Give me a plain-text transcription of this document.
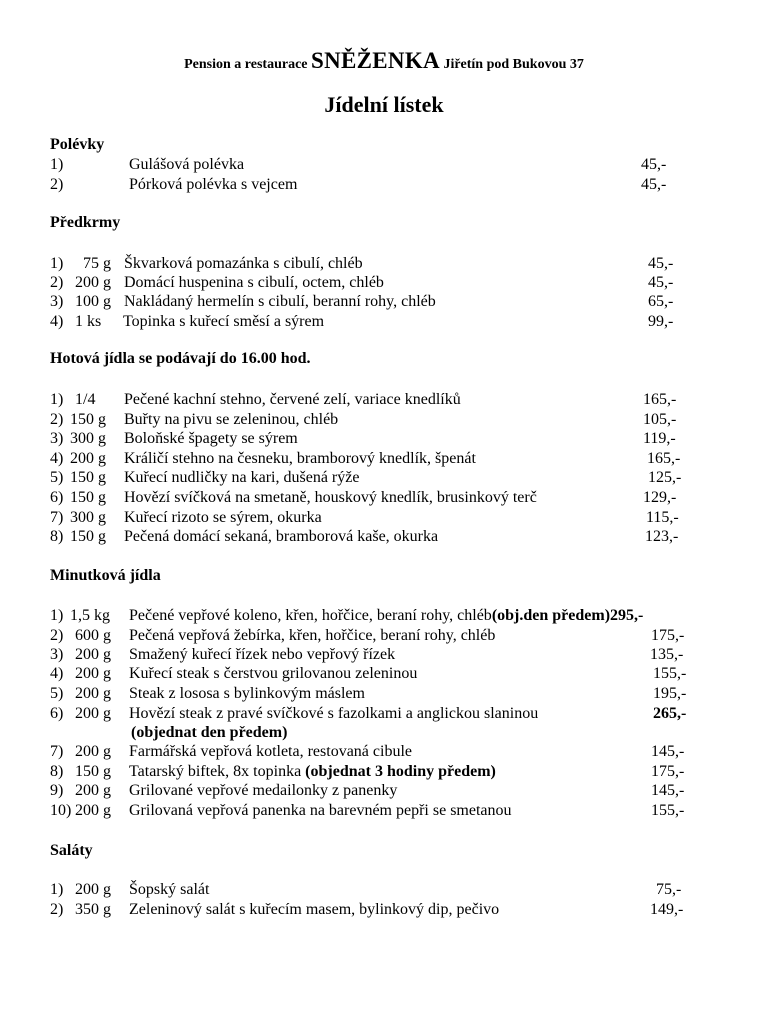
Pension a restaurace SNĚŽENKA Jiřetín pod Bukovou 37
Jídelní lístek
Polévky
1)	Gulášová polévka	45,-
2)	Pórková polévka s vejcem	45,-
Předkrmy
1) 75 g Škvarková pomazánka s cibulí, chléb	45,-
2) 200 g Domácí huspenina s cibulí, octem, chléb	45,-
3) 100 g Nakládaný hermelín s cibulí, beranní rohy, chléb	65,-
4) 1 ks Topinka s kuřecí směsí a sýrem	99,-
Hotová jídla se podávají do 16.00 hod.
1) 1/4 Pečené kachní stehno, červené zelí, variace knedlíků	165,-
2) 150 g Buřty na pivu se zeleninou, chléb	105,-
3) 300 g Boloňské špagety se sýrem	119,-
4) 200 g Králičí stehno na česneku, bramborový knedlík, špenát	165,-
5) 150 g Kuřecí nudličky na kari, dušená rýže	125,-
6) 150 g Hovězí svíčková na smetaně, houskový knedlík, brusinkový terč	129,-
7) 300 g Kuřecí rizoto se sýrem, okurka	115,-
8) 150 g Pečená domácí sekaná, bramborová kaše, okurka	123,-
Minutková jídla
1) 1,5 kg Pečené vepřové koleno, křen, hořčice, beraní rohy, chléb(obj.den předem)295,-
2) 600 g Pečená vepřová žebírka, křen, hořčice, beraní rohy, chléb	175,-
3) 200 g Smažený kuřecí řízek nebo vepřový řízek	135,-
4) 200 g Kuřecí steak s čerstvou grilovanou zeleninou	155,-
5) 200 g Steak z lososa s bylinkovým máslem	195,-
6) 200 g Hovězí steak z pravé svíčkové s fazolkami a anglickou slaninou	265,-
(objednat den předem)
7) 200 g Farmářská vepřová kotleta, restovaná cibule	145,-
8) 150 g Tatarský biftek, 8x topinka (objednat 3 hodiny předem)	175,-
9) 200 g Grilované vepřové medailonky z panenky	145,-
10) 200 g Grilovaná vepřová panenka na barevném pepři se smetanou	155,-
Saláty
1) 200 g Šopský salát	75,-
2) 350 g Zeleninový salát s kuřecím masem, bylinkový dip, pečivo	149,-
